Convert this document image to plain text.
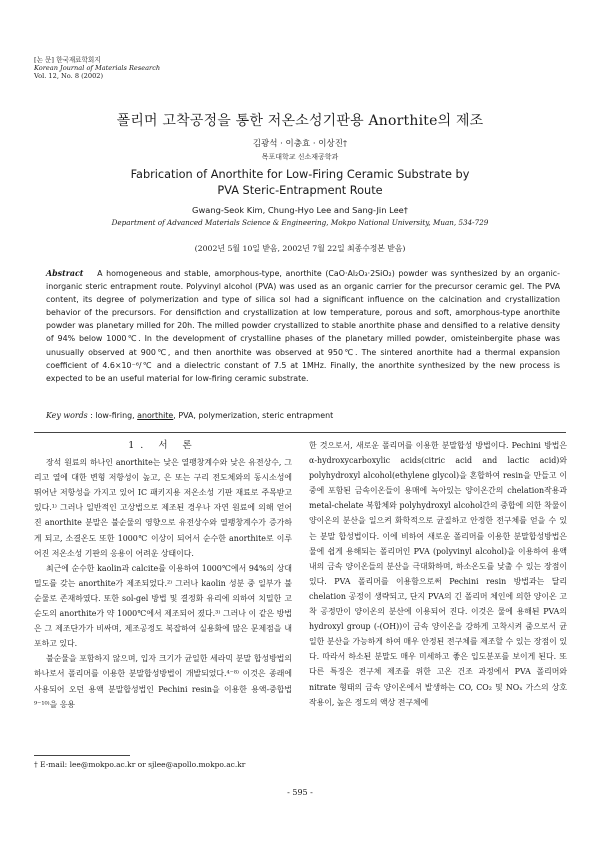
[논 문] 한국재료학회지
Korean Journal of Materials Research
Vol. 12, No. 8 (2002)
폴리머 고착공정을 통한 저온소성기판용 Anorthite의 제조
김광석 · 이충효 · 이상진†
목포대학교 신소재공학과
Fabrication of Anorthite for Low-Firing Ceramic Substrate by
PVA Steric-Entrapment Route
Gwang-Seok Kim, Chung-Hyo Lee and Sang-Jin Lee†
Department of Advanced Materials Science & Engineering, Mokpo National University, Muan, 534-729
(2002년 5월 10일 받음, 2002년 7월 22일 최종수정본 받음)
Abstract A homogeneous and stable, amorphous-type, anorthite (CaO·Al₂O₃·2SiO₂) powder was synthesized by an organic-inorganic steric entrapment route. Polyvinyl alcohol (PVA) was used as an organic carrier for the precursor ceramic gel. The PVA content, its degree of polymerization and type of silica sol had a significant influence on the calcination and crystallization behavior of the precursors. For densifiction and crystallization at low temperature, porous and soft, amorphous-type anorthite powder was planetary milled for 20h. The milled powder crystallized to stable anorthite phase and densified to a relative density of 94% below 1000℃. In the development of crystalline phases of the planetary milled powder, omisteinbergite phase was unusually observed at 900℃, and then anorthite was observed at 950℃. The sintered anorthite had a thermal expansion coefficient of 4.6×10⁻⁶/℃ and a dielectric constant of 7.5 at 1MHz. Finally, the anorthite synthesized by the new process is expected to be an useful material for low-firing ceramic substrate.
Key words : low-firing, anorthite, PVA, polymerization, steric entrapment
1. 서 론

장석 원료의 하나인 anorthite는 낮은 열팽창계수와 낮은 유전상수, 그리고 열에 대한 변형 저항성이 높고, 은 또는 구리 전도체와의 동시소성에 뛰어난 저항성을 가지고 있어 IC 패키지용 저온소성 기판 재료로 주목받고 있다.¹⁾ 그러나 일반적인 고상법으로 제조된 경우나 자연 원료에 의해 얻어진 anorthite 분말은 불순물의 영향으로 유전상수와 열팽창계수가 증가하게 되고, 소결온도 또한 1000℃ 이상이 되어서 순수한 anorthite로 이루어진 저온소성 기판의 응용이 어려운 상태이다.

최근에 순수한 kaolin과 calcite를 이용하여 1000℃에서 94%의 상대밀도를 갖는 anorthite가 제조되었다.²⁾ 그러나 kaolin 성분 중 일부가 불순물로 존재하였다. 또한 sol-gel 방법 및 결정화 유리에 의하여 치밀한 고순도의 anorthite가 약 1000℃에서 제조되어 졌다.³⁾ 그러나 이 같은 방법은 그 제조단가가 비싸며, 제조공정도 복잡하여 실용화에 많은 문제점을 내포하고 있다.

불순물을 포함하지 않으며, 입자 크기가 균일한 세라믹 분말 합성방법의 하나로서 폴리머를 이용한 분말합성방법이 개발되었다.⁴⁻⁸⁾ 이것은 종래에 사용되어 오던 용액 분말합성법인 Pechini resin을 이용한 용액-중합법⁹⁻¹⁰⁾을 응용

한 것으로서, 새로운 폴리머를 이용한 분말합성 방법이다. Pechini 방법은 α-hydroxycarboxylic acids(citric acid and lactic acid)와 polyhydroxyl alcohol(ethylene glycol)을 혼합하여 resin을 만들고 이 중에 포함된 금속이온들이 용매에 녹아있는 양이온간의 chelation작용과 metal-chelate 복합체와 polyhydroxyl alcohol간의 중합에 의한 착물이 양이온의 분산을 일으켜 화학적으로 균질하고 안정한 전구체를 얻을 수 있는 분말 합성법이다. 이에 비하여 새로운 폴리머를 이용한 분말합성방법은 물에 쉽게 용해되는 폴리머인 PVA (polyvinyl alcohol)을 이용하여 용액내의 금속 양이온들의 분산을 극대화하며, 하소온도를 낮출 수 있는 장점이 있다. PVA 폴리머를 이용함으로써 Pechini resin 방법과는 달리 chelation 공정이 생략되고, 단지 PVA의 긴 폴리머 체인에 의한 양이온 고착 공정만이 양이온의 분산에 이용되어 진다. 이것은 물에 용해된 PVA의 hydroxyl group (-(OH))이 금속 양이온을 강하게 고착시켜 줌으로서 균일한 분산을 가능하게 하여 매우 안정된 전구체를 제조할 수 있는 장점이 있다. 따라서 하소된 분말도 매우 미세하고 좋은 입도분포를 보이게 된다. 또 다른 특징은 전구체 제조를 위한 고온 건조 과정에서 PVA 폴리머와 nitrate 형태의 금속 양이온에서 발생하는 CO, CO₂ 및 NOₓ 가스의 상호 작용이, 높은 정도의 액상 전구체에

† E-mail: lee@mokpo.ac.kr or sjlee@apollo.mokpo.ac.kr
- 595 -
